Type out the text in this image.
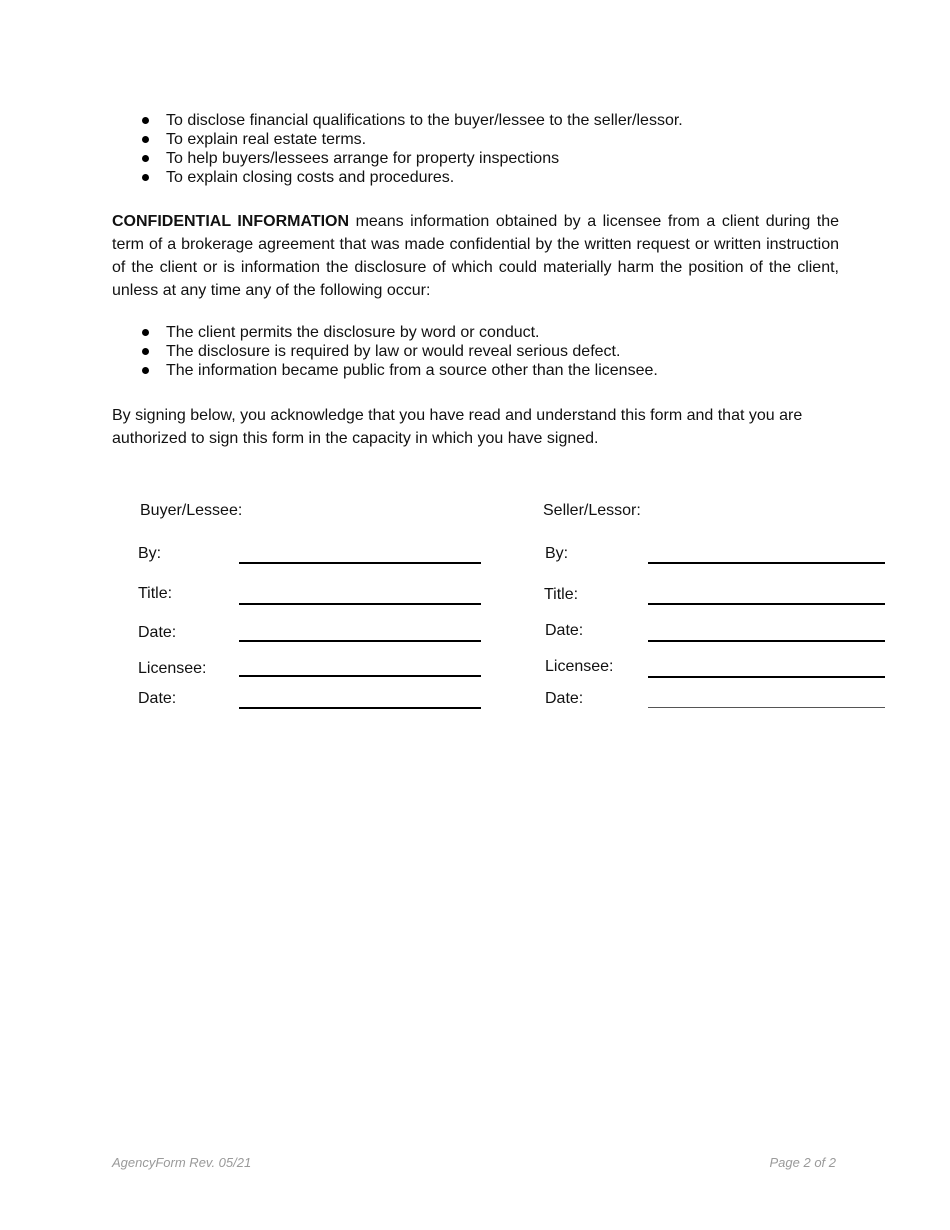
To disclose financial qualifications to the buyer/lessee to the seller/lessor.
To explain real estate terms.
To help buyers/lessees arrange for property inspections
To explain closing costs and procedures.

CONFIDENTIAL INFORMATION means information obtained by a licensee from a client during the term of a brokerage agreement that was made confidential by the written request or written instruction of the client or is information the disclosure of which could materially harm the position of the client, unless at any time any of the following occur:

The client permits the disclosure by word or conduct.
The disclosure is required by law or would reveal serious defect.
The information became public from a source other than the licensee.

By signing below, you acknowledge that you have read and understand this form and that you are authorized to sign this form in the capacity in which you have signed.

Buyer/Lessee:
By:
Title:
Date:
Licensee:
Date:
Seller/Lessor:
By:
Title:
Date:
Licensee:
Date:
AgencyForm Rev. 05/21	Page 2 of 2
